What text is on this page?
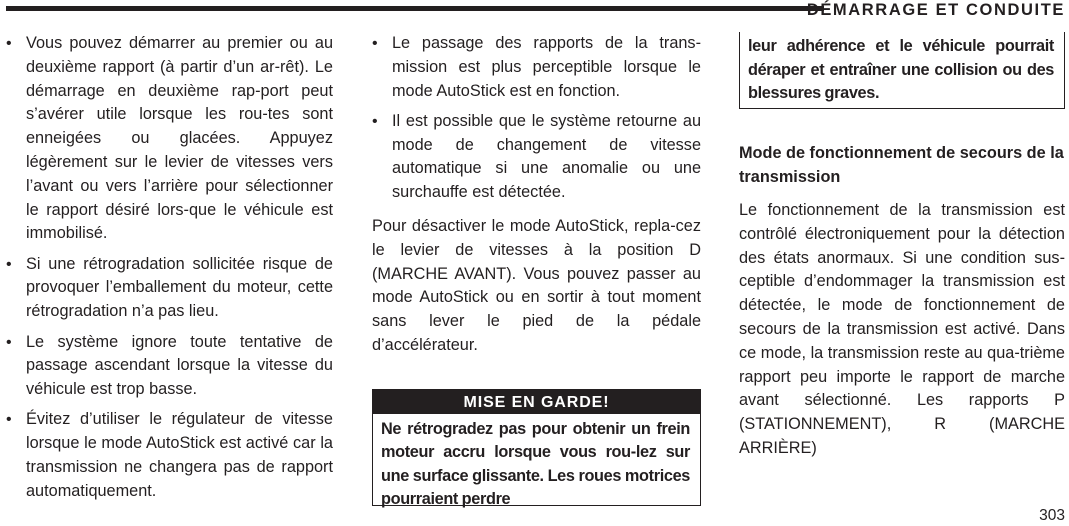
DÉMARRAGE ET CONDUITE
• Vous pouvez démarrer au premier ou au deuxième rapport (à partir d’un ar-rêt). Le démarrage en deuxième rap-port peut s’avérer utile lorsque les rou-tes sont enneigées ou glacées. Appuyez légèrement sur le levier de vitesses vers l’avant ou vers l’arrière pour sélectionner le rapport désiré lors-que le véhicule est immobilisé.
• Si une rétrogradation sollicitée risque de provoquer l’emballement du moteur, cette rétrogradation n’a pas lieu.
• Le système ignore toute tentative de passage ascendant lorsque la vitesse du véhicule est trop basse.
• Évitez d’utiliser le régulateur de vitesse lorsque le mode AutoStick est activé car la transmission ne changera pas de rapport automatiquement.
• Le passage des rapports de la trans-mission est plus perceptible lorsque le mode AutoStick est en fonction.
• Il est possible que le système retourne au mode de changement de vitesse automatique si une anomalie ou une surchauffe est détectée.

Pour désactiver le mode AutoStick, repla-cez le levier de vitesses à la position D (MARCHE AVANT). Vous pouvez passer au mode AutoStick ou en sortir à tout moment sans lever le pied de la pédale d’accélérateur.

MISE EN GARDE!

Ne rétrogradez pas pour obtenir un frein moteur accru lorsque vous rou-lez sur une surface glissante. Les roues motrices pourraient perdre

leur adhérence et le véhicule pourrait déraper et entraîner une collision ou des blessures graves.

Mode de fonctionnement de secours de la transmission

Le fonctionnement de la transmission est contrôlé électroniquement pour la détection des états anormaux. Si une condition sus-ceptible d’endommager la transmission est détectée, le mode de fonctionnement de secours de la transmission est activé. Dans ce mode, la transmission reste au qua-trième rapport peu importe le rapport de marche avant sélectionné. Les rapports P (STATIONNEMENT), R (MARCHE ARRIÈRE)

303
